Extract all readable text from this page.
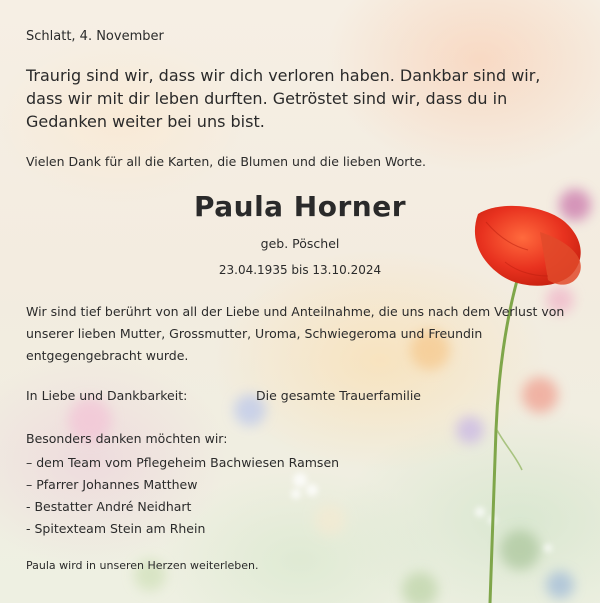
Schlatt, 4. November
Traurig sind wir, dass wir dich verloren haben. Dankbar sind wir, dass wir mit dir leben durften. Getröstet sind wir, dass du in Gedanken weiter bei uns bist.
Vielen Dank für all die Karten, die Blumen und die lieben Worte.
Paula Horner
geb. Pöschel
23.04.1935 bis 13.10.2024
Wir sind tief berührt von all der Liebe und Anteilnahme, die uns nach dem Verlust von unserer lieben Mutter, Grossmutter, Uroma, Schwiegeroma und Freundin entgegengebracht wurde.
In Liebe und Dankbarkeit:	Die gesamte Trauerfamilie
Besonders danken möchten wir:
– dem Team vom Pflegeheim Bachwiesen Ramsen
– Pfarrer Johannes Matthew
- Bestatter André Neidhart
- Spitexteam Stein am Rhein
Paula wird in unseren Herzen weiterleben.
